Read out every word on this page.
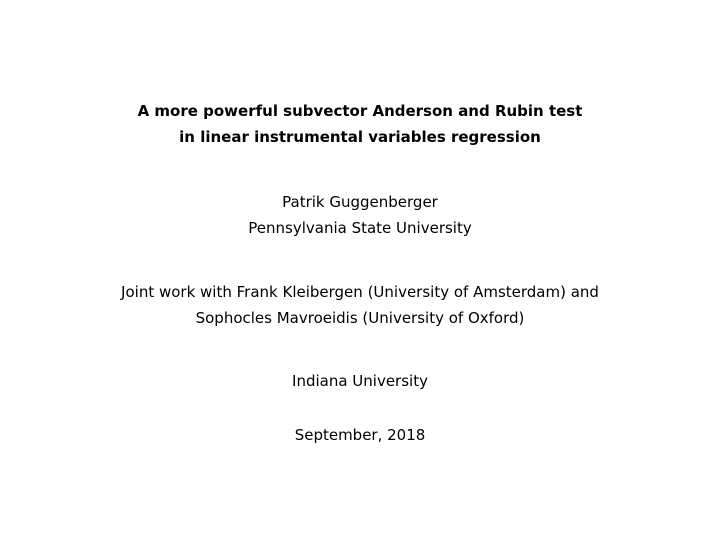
A more powerful subvector Anderson and Rubin test
in linear instrumental variables regression
Patrik Guggenberger
Pennsylvania State University
Joint work with Frank Kleibergen (University of Amsterdam) and
Sophocles Mavroeidis (University of Oxford)
Indiana University
September, 2018
